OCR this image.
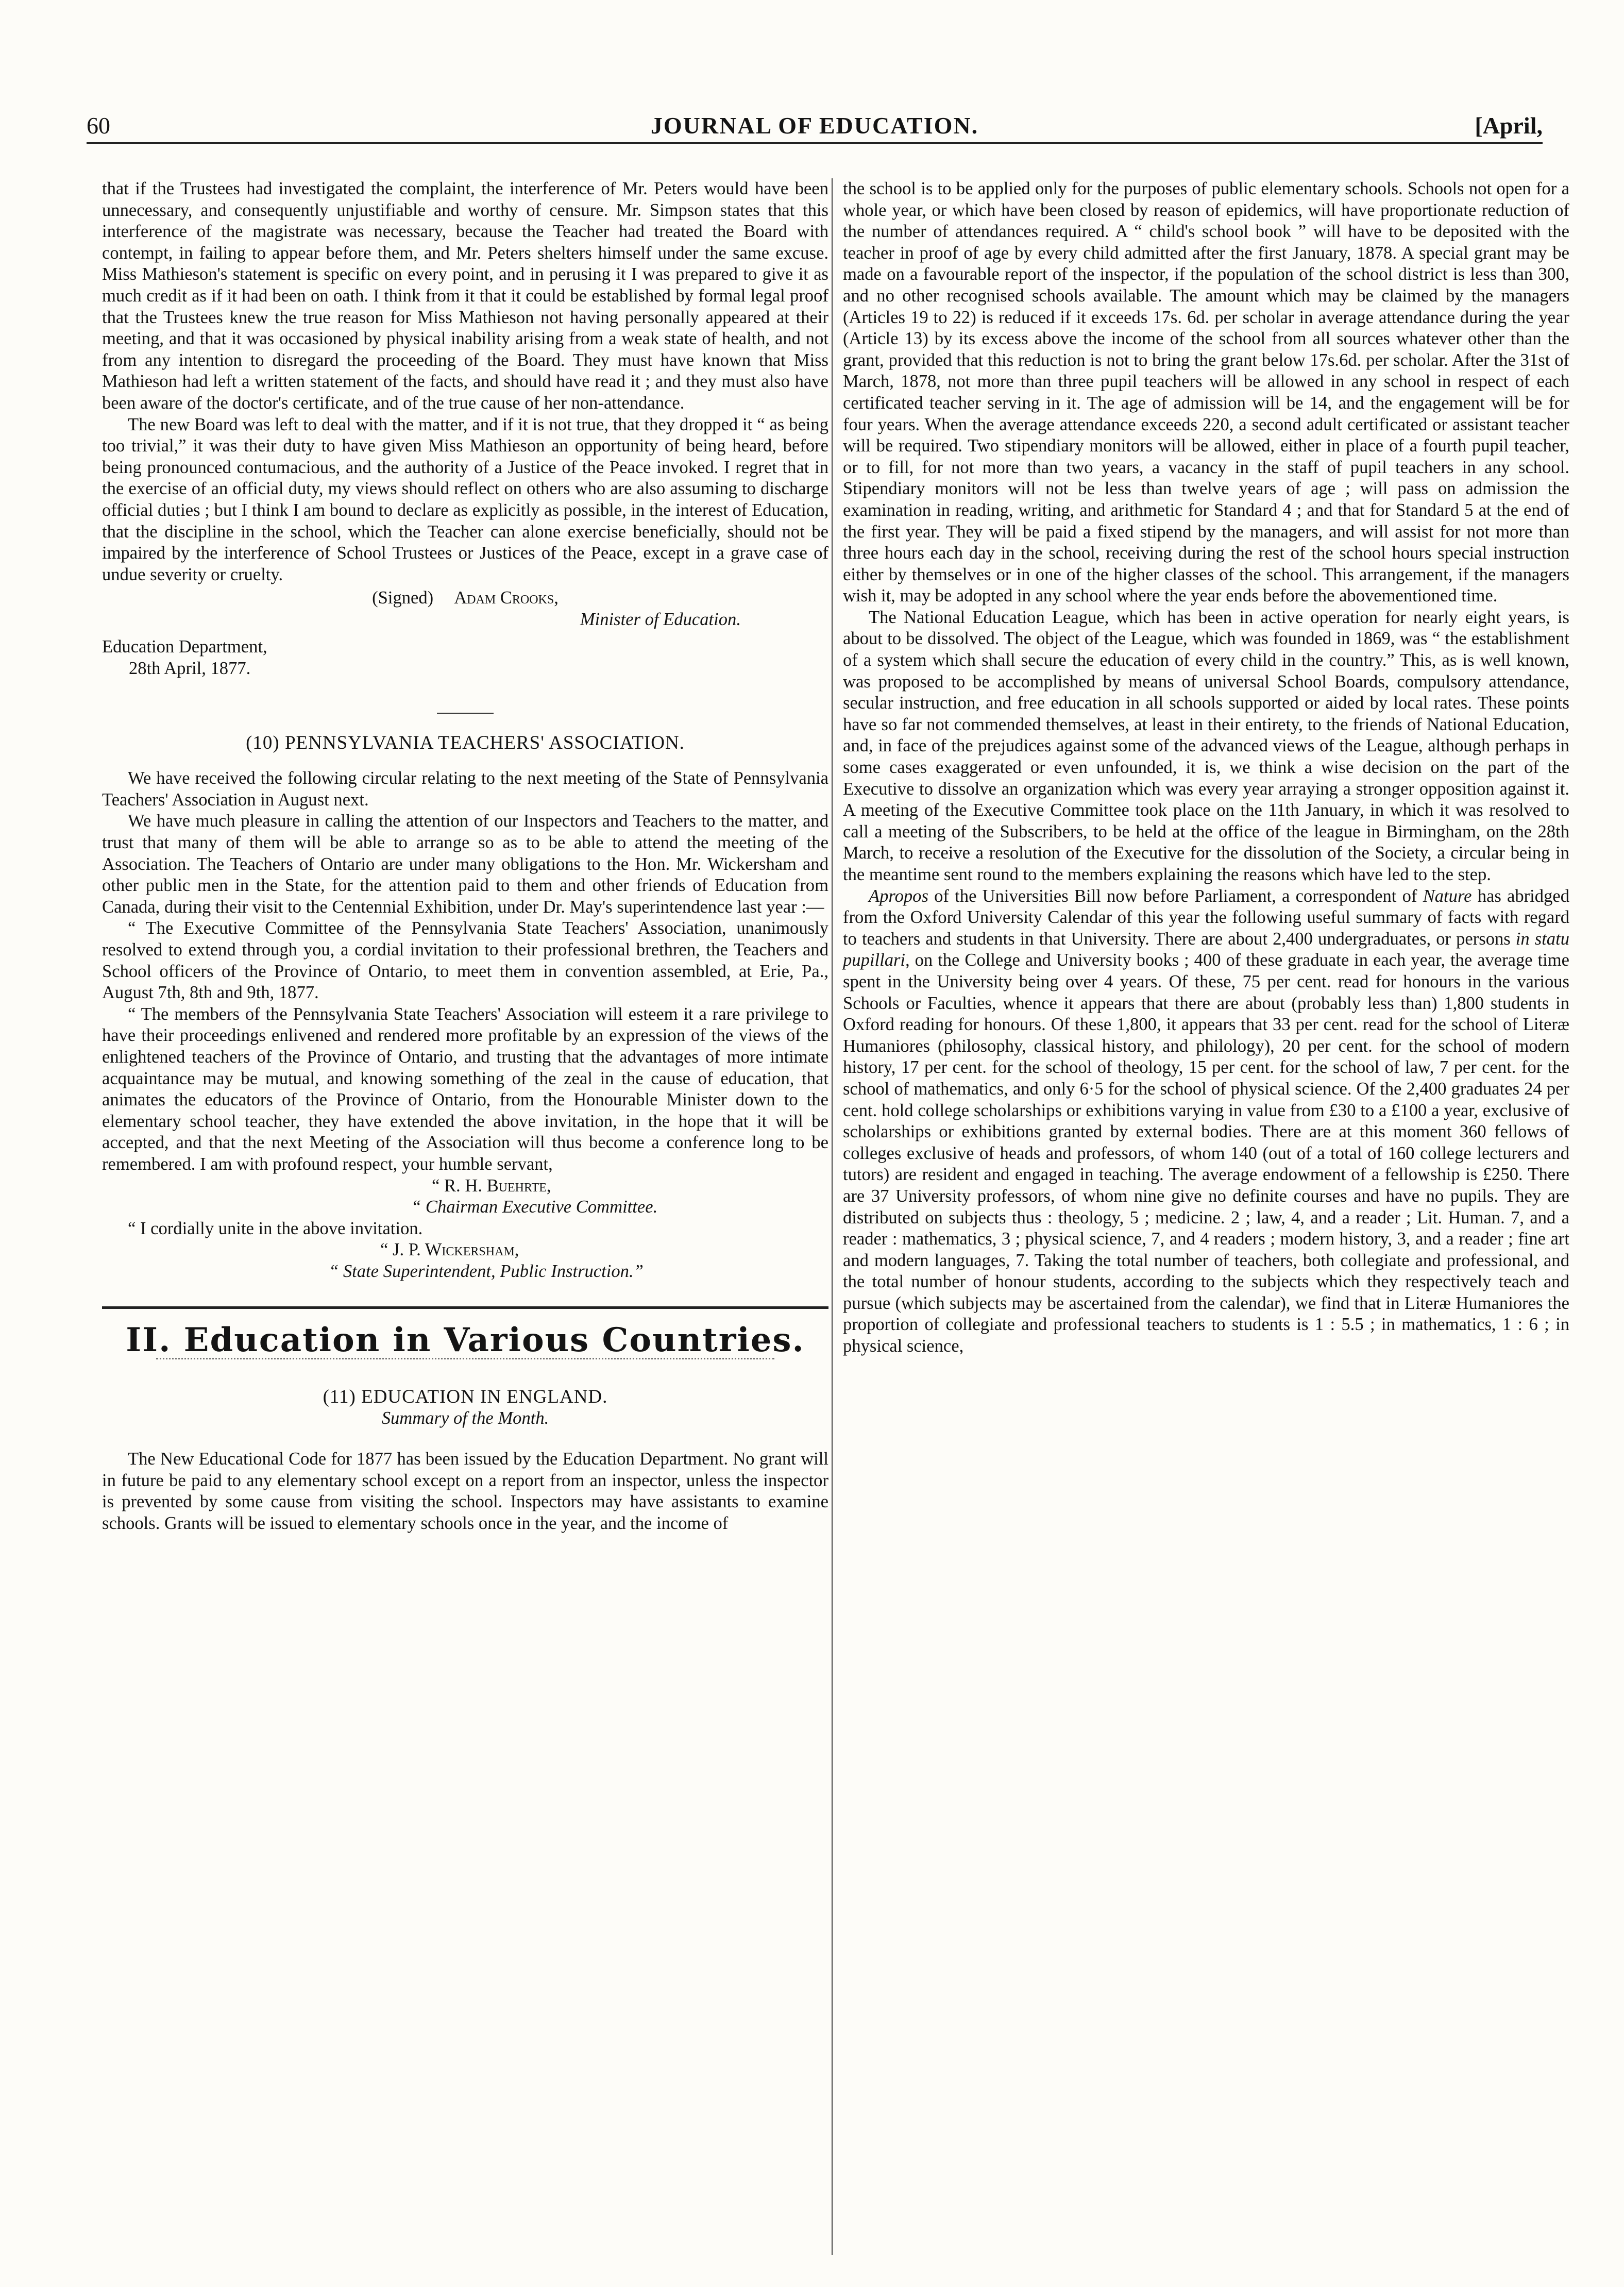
60	JOURNAL OF EDUCATION.	[April,

that if the Trustees had investigated the complaint, the interference of Mr. Peters would have been unnecessary, and consequently unjustifiable and worthy of censure. Mr. Simpson states that this interference of the magistrate was necessary, because the Teacher had treated the Board with contempt, in failing to appear before them, and Mr. Peters shelters himself under the same excuse. Miss Mathieson's statement is specific on every point, and in perusing it I was prepared to give it as much credit as if it had been on oath. I think from it that it could be established by formal legal proof that the Trustees knew the true reason for Miss Mathieson not having personally appeared at their meeting, and that it was occasioned by physical inability arising from a weak state of health, and not from any intention to disregard the proceeding of the Board. They must have known that Miss Mathieson had left a written statement of the facts, and should have read it ; and they must also have been aware of the doctor's certificate, and of the true cause of her non-attendance.

The new Board was left to deal with the matter, and if it is not true, that they dropped it “ as being too trivial,” it was their duty to have given Miss Mathieson an opportunity of being heard, before being pronounced contumacious, and the authority of a Justice of the Peace invoked. I regret that in the exercise of an official duty, my views should reflect on others who are also assuming to discharge official duties ; but I think I am bound to declare as explicitly as possible, in the interest of Education, that the discipline in the school, which the Teacher can alone exercise beneficially, should not be impaired by the interference of School Trustees or Justices of the Peace, except in a grave case of undue severity or cruelty.

(Signed) Adam Crooks,
Minister of Education.
Education Department,
28th April, 1877.
(10) PENNSYLVANIA TEACHERS' ASSOCIATION.

We have received the following circular relating to the next meeting of the State of Pennsylvania Teachers' Association in August next.

We have much pleasure in calling the attention of our Inspectors and Teachers to the matter, and trust that many of them will be able to arrange so as to be able to attend the meeting of the Association. The Teachers of Ontario are under many obligations to the Hon. Mr. Wickersham and other public men in the State, for the attention paid to them and other friends of Education from Canada, during their visit to the Centennial Exhibition, under Dr. May's superintendence last year :—

“ The Executive Committee of the Pennsylvania State Teachers' Association, unanimously resolved to extend through you, a cordial invitation to their professional brethren, the Teachers and School officers of the Province of Ontario, to meet them in convention assembled, at Erie, Pa., August 7th, 8th and 9th, 1877.

“ The members of the Pennsylvania State Teachers' Association will esteem it a rare privilege to have their proceedings enlivened and rendered more profitable by an expression of the views of the enlightened teachers of the Province of Ontario, and trusting that the advantages of more intimate acquaintance may be mutual, and knowing something of the zeal in the cause of education, that animates the educators of the Province of Ontario, from the Honourable Minister down to the elementary school teacher, they have extended the above invitation, in the hope that it will be accepted, and that the next Meeting of the Association will thus become a conference long to be remembered. I am with profound respect, your humble servant,

“ R. H. Buehrte,
“ Chairman Executive Committee.

“ I cordially unite in the above invitation.

“ J. P. Wickersham,
“ State Superintendent, Public Instruction.”
II. Education in Various Countries.
(11) EDUCATION IN ENGLAND.
Summary of the Month.

The New Educational Code for 1877 has been issued by the Education Department. No grant will in future be paid to any elementary school except on a report from an inspector, unless the inspector is prevented by some cause from visiting the school. Inspectors may have assistants to examine schools. Grants will be issued to elementary schools once in the year, and the income of

the school is to be applied only for the purposes of public elementary schools. Schools not open for a whole year, or which have been closed by reason of epidemics, will have proportionate reduction of the number of attendances required. A “ child's school book ” will have to be deposited with the teacher in proof of age by every child admitted after the first January, 1878. A special grant may be made on a favourable report of the inspector, if the population of the school district is less than 300, and no other recognised schools available. The amount which may be claimed by the managers (Articles 19 to 22) is reduced if it exceeds 17s. 6d. per scholar in average attendance during the year (Article 13) by its excess above the income of the school from all sources whatever other than the grant, provided that this reduction is not to bring the grant below 17s.6d. per scholar. After the 31st of March, 1878, not more than three pupil teachers will be allowed in any school in respect of each certificated teacher serving in it. The age of admission will be 14, and the engagement will be for four years. When the average attendance exceeds 220, a second adult certificated or assistant teacher will be required. Two stipendiary monitors will be allowed, either in place of a fourth pupil teacher, or to fill, for not more than two years, a vacancy in the staff of pupil teachers in any school. Stipendiary monitors will not be less than twelve years of age ; will pass on admission the examination in reading, writing, and arithmetic for Standard 4 ; and that for Standard 5 at the end of the first year. They will be paid a fixed stipend by the managers, and will assist for not more than three hours each day in the school, receiving during the rest of the school hours special instruction either by themselves or in one of the higher classes of the school. This arrangement, if the managers wish it, may be adopted in any school where the year ends before the abovementioned time.

The National Education League, which has been in active operation for nearly eight years, is about to be dissolved. The object of the League, which was founded in 1869, was “ the establishment of a system which shall secure the education of every child in the country.” This, as is well known, was proposed to be accomplished by means of universal School Boards, compulsory attendance, secular instruction, and free education in all schools supported or aided by local rates. These points have so far not commended themselves, at least in their entirety, to the friends of National Education, and, in face of the prejudices against some of the advanced views of the League, although perhaps in some cases exaggerated or even unfounded, it is, we think a wise decision on the part of the Executive to dissolve an organization which was every year arraying a stronger opposition against it. A meeting of the Executive Committee took place on the 11th January, in which it was resolved to call a meeting of the Subscribers, to be held at the office of the league in Birmingham, on the 28th March, to receive a resolution of the Executive for the dissolution of the Society, a circular being in the meantime sent round to the members explaining the reasons which have led to the step.

Apropos of the Universities Bill now before Parliament, a correspondent of Nature has abridged from the Oxford University Calendar of this year the following useful summary of facts with regard to teachers and students in that University. There are about 2,400 undergraduates, or persons in statu pupillari, on the College and University books ; 400 of these graduate in each year, the average time spent in the University being over 4 years. Of these, 75 per cent. read for honours in the various Schools or Faculties, whence it appears that there are about (probably less than) 1,800 students in Oxford reading for honours. Of these 1,800, it appears that 33 per cent. read for the school of Literæ Humaniores (philosophy, classical history, and philology), 20 per cent. for the school of modern history, 17 per cent. for the school of theology, 15 per cent. for the school of law, 7 per cent. for the school of mathematics, and only 6·5 for the school of physical science. Of the 2,400 graduates 24 per cent. hold college scholarships or exhibitions varying in value from £30 to a £100 a year, exclusive of scholarships or exhibitions granted by external bodies. There are at this moment 360 fellows of colleges exclusive of heads and professors, of whom 140 (out of a total of 160 college lecturers and tutors) are resident and engaged in teaching. The average endowment of a fellowship is £250. There are 37 University professors, of whom nine give no definite courses and have no pupils. They are distributed on subjects thus : theology, 5 ; medicine. 2 ; law, 4, and a reader ; Lit. Human. 7, and a reader : mathematics, 3 ; physical science, 7, and 4 readers ; modern history, 3, and a reader ; fine art and modern languages, 7. Taking the total number of teachers, both collegiate and professional, and the total number of honour students, according to the subjects which they respectively teach and pursue (which subjects may be ascertained from the calendar), we find that in Literæ Humaniores the proportion of collegiate and professional teachers to students is 1 : 5.5 ; in mathematics, 1 : 6 ; in physical science,
